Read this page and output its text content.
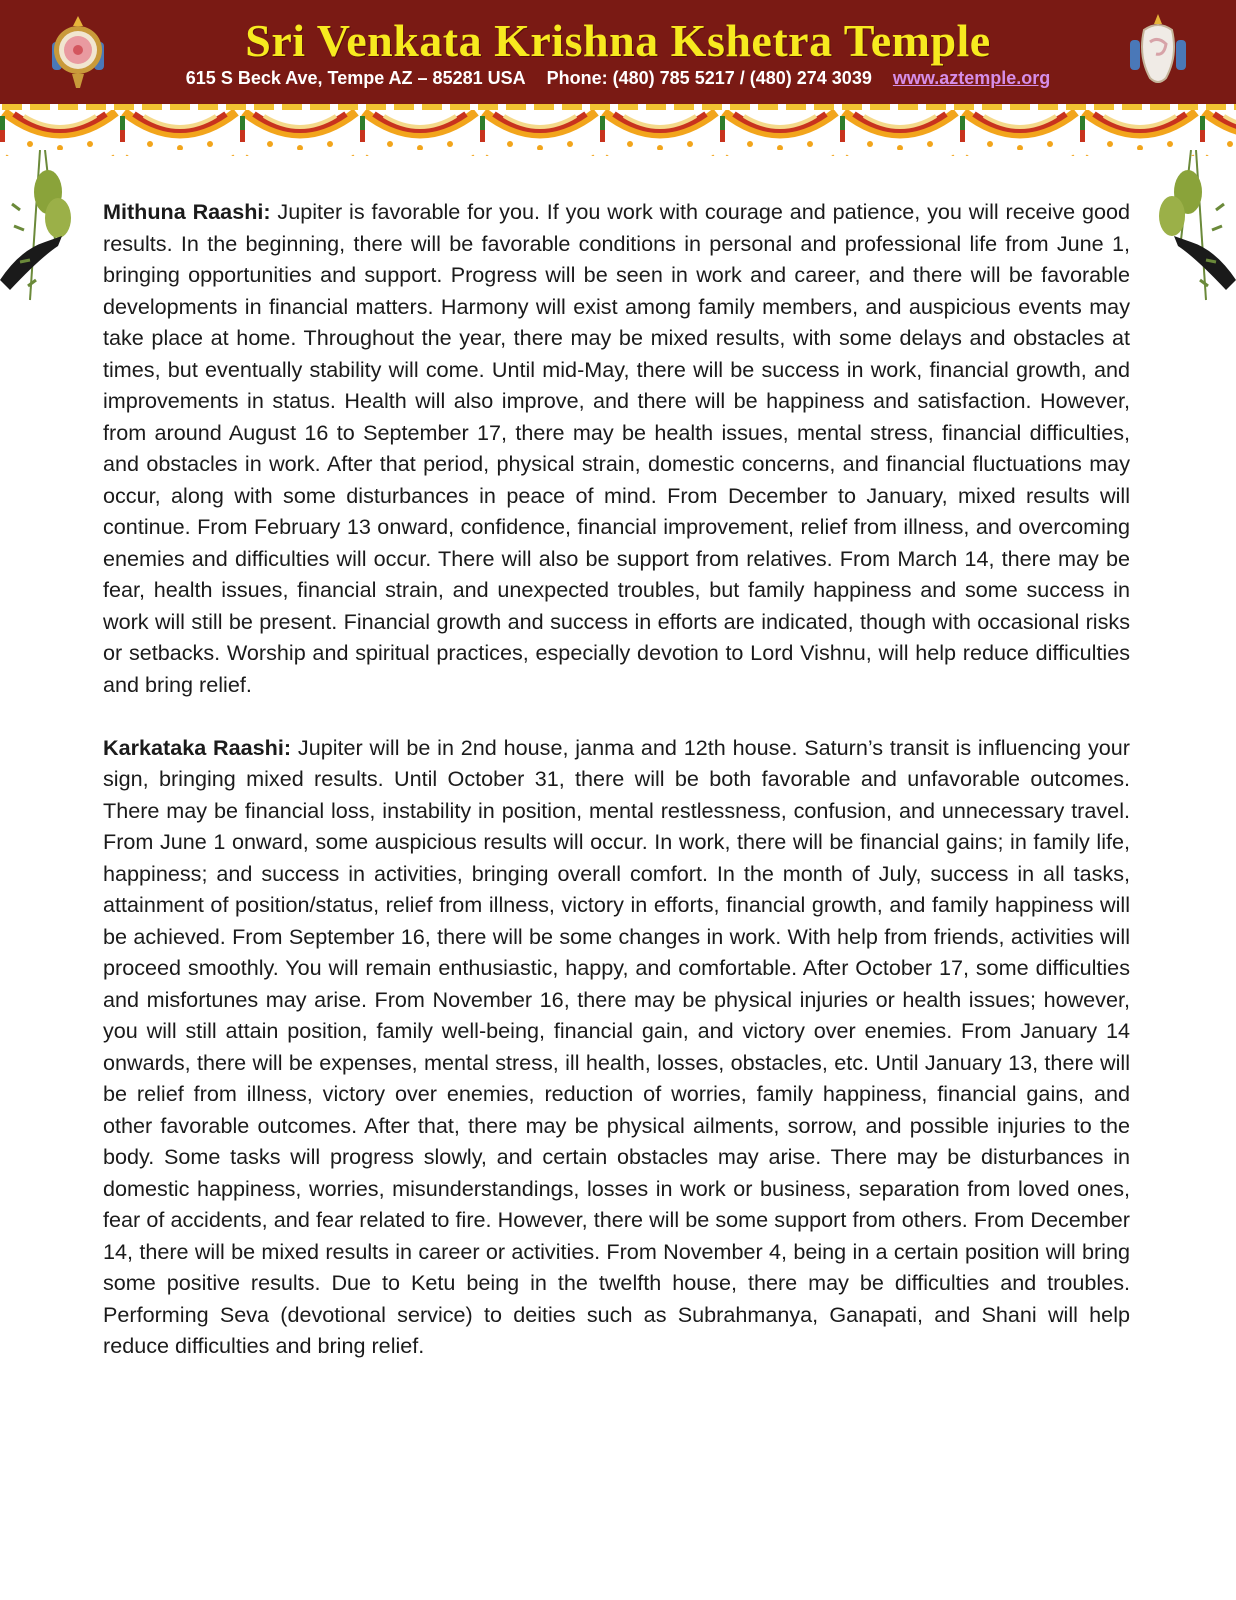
Sri Venkata Krishna Kshetra Temple
615 S Beck Ave, Tempe AZ – 85281 USA Phone: (480) 785 5217 / (480) 274 3039 www.aztemple.org

Mithuna Raashi: Jupiter is favorable for you. If you work with courage and patience, you will receive good results. In the beginning, there will be favorable conditions in personal and professional life from June 1, bringing opportunities and support. Progress will be seen in work and career, and there will be favorable developments in financial matters. Harmony will exist among family members, and auspicious events may take place at home. Throughout the year, there may be mixed results, with some delays and obstacles at times, but eventually stability will come. Until mid-May, there will be success in work, financial growth, and improvements in status. Health will also improve, and there will be happiness and satisfaction. However, from around August 16 to September 17, there may be health issues, mental stress, financial difficulties, and obstacles in work. After that period, physical strain, domestic concerns, and financial fluctuations may occur, along with some disturbances in peace of mind. From December to January, mixed results will continue. From February 13 onward, confidence, financial improvement, relief from illness, and overcoming enemies and difficulties will occur. There will also be support from relatives. From March 14, there may be fear, health issues, financial strain, and unexpected troubles, but family happiness and some success in work will still be present. Financial growth and success in efforts are indicated, though with occasional risks or setbacks. Worship and spiritual practices, especially devotion to Lord Vishnu, will help reduce difficulties and bring relief.

Karkataka Raashi: Jupiter will be in 2nd house, janma and 12th house. Saturn’s transit is influencing your sign, bringing mixed results. Until October 31, there will be both favorable and unfavorable outcomes. There may be financial loss, instability in position, mental restlessness, confusion, and unnecessary travel. From June 1 onward, some auspicious results will occur. In work, there will be financial gains; in family life, happiness; and success in activities, bringing overall comfort. In the month of July, success in all tasks, attainment of position/status, relief from illness, victory in efforts, financial growth, and family happiness will be achieved. From September 16, there will be some changes in work. With help from friends, activities will proceed smoothly. You will remain enthusiastic, happy, and comfortable. After October 17, some difficulties and misfortunes may arise. From November 16, there may be physical injuries or health issues; however, you will still attain position, family well-being, financial gain, and victory over enemies. From January 14 onwards, there will be expenses, mental stress, ill health, losses, obstacles, etc. Until January 13, there will be relief from illness, victory over enemies, reduction of worries, family happiness, financial gains, and other favorable outcomes. After that, there may be physical ailments, sorrow, and possible injuries to the body. Some tasks will progress slowly, and certain obstacles may arise. There may be disturbances in domestic happiness, worries, misunderstandings, losses in work or business, separation from loved ones, fear of accidents, and fear related to fire. However, there will be some support from others. From December 14, there will be mixed results in career or activities. From November 4, being in a certain position will bring some positive results. Due to Ketu being in the twelfth house, there may be difficulties and troubles. Performing Seva (devotional service) to deities such as Subrahmanya, Ganapati, and Shani will help reduce difficulties and bring relief.
